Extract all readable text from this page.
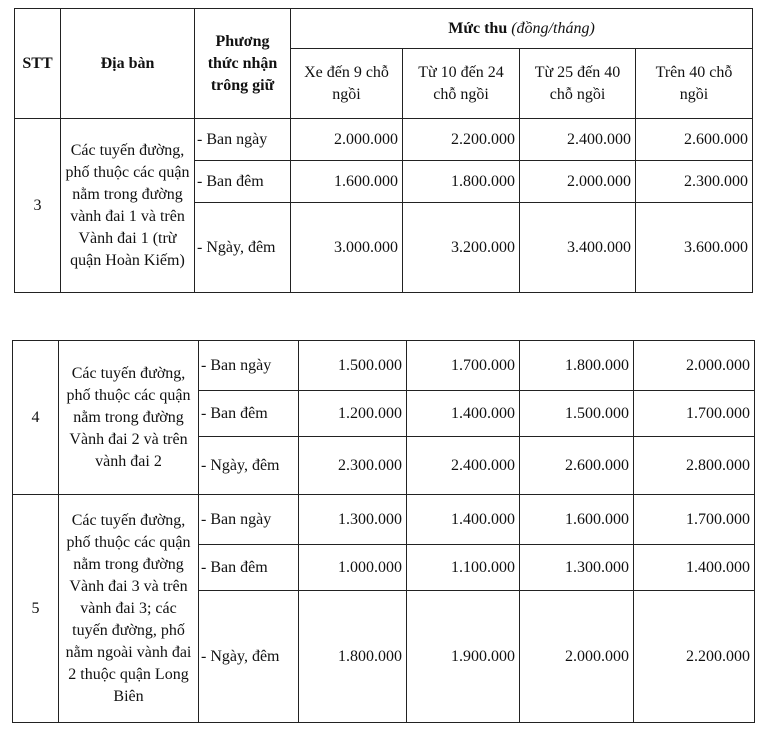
STT	Địa bàn	Phương thức nhận trông giữ	Mức thu (đồng/tháng)			
			Xe đến 9 chỗ ngồi	Từ 10 đến 24 chỗ ngồi	Từ 25 đến 40 chỗ ngồi	Trên 40 chỗ ngồi
3	Các tuyến đường, phố thuộc các quận nằm trong đường vành đai 1 và trên Vành đai 1 (trừ quận Hoàn Kiếm)	- Ban ngày	2.000.000	2.200.000	2.400.000	2.600.000
		- Ban đêm	1.600.000	1.800.000	2.000.000	2.300.000
		- Ngày, đêm	3.000.000	3.200.000	3.400.000	3.600.000
4	Các tuyến đường, phố thuộc các quận nằm trong đường Vành đai 2 và trên vành đai 2	- Ban ngày	1.500.000	1.700.000	1.800.000	2.000.000
		- Ban đêm	1.200.000	1.400.000	1.500.000	1.700.000
		- Ngày, đêm	2.300.000	2.400.000	2.600.000	2.800.000
5	Các tuyến đường, phố thuộc các quận nằm trong đường Vành đai 3 và trên vành đai 3; các tuyến đường, phố nằm ngoài vành đai 2 thuộc quận Long Biên	- Ban ngày	1.300.000	1.400.000	1.600.000	1.700.000
		- Ban đêm	1.000.000	1.100.000	1.300.000	1.400.000
		- Ngày, đêm	1.800.000	1.900.000	2.000.000	2.200.000
